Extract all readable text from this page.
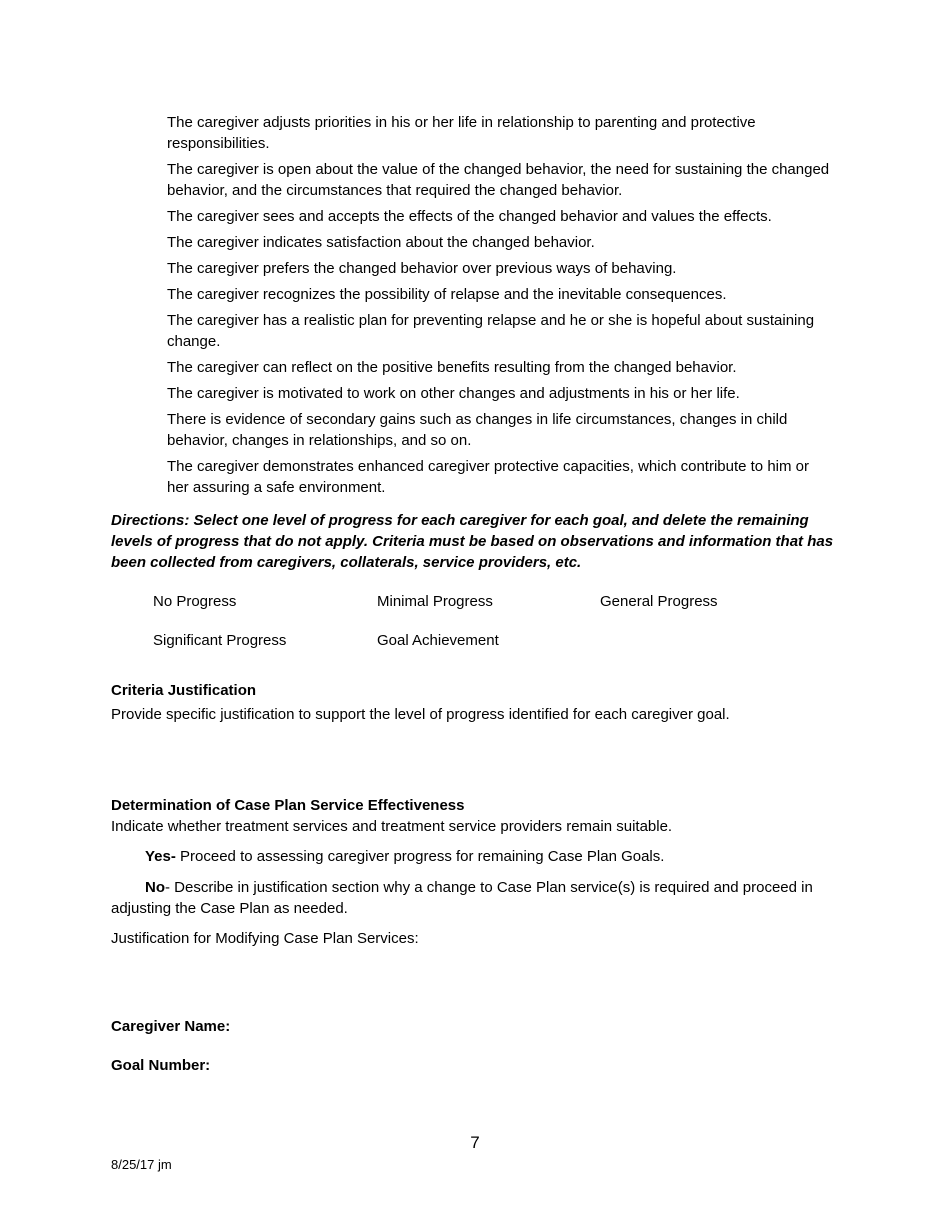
The caregiver adjusts priorities in his or her life in relationship to parenting and protective responsibilities.
The caregiver is open about the value of the changed behavior, the need for sustaining the changed behavior, and the circumstances that required the changed behavior.
The caregiver sees and accepts the effects of the changed behavior and values the effects.
The caregiver indicates satisfaction about the changed behavior.
The caregiver prefers the changed behavior over previous ways of behaving.
The caregiver recognizes the possibility of relapse and the inevitable consequences.
The caregiver has a realistic plan for preventing relapse and he or she is hopeful about sustaining change.
The caregiver can reflect on the positive benefits resulting from the changed behavior.
The caregiver is motivated to work on other changes and adjustments in his or her life.
There is evidence of secondary gains such as changes in life circumstances, changes in child behavior, changes in relationships, and so on.
The caregiver demonstrates enhanced caregiver protective capacities, which contribute to him or her assuring a safe environment.
Directions: Select one level of progress for each caregiver for each goal, and delete the remaining levels of progress that do not apply. Criteria must be based on observations and information that has been collected from caregivers, collaterals, service providers, etc.
No Progress	Minimal Progress	General Progress
Significant Progress	Goal Achievement
Criteria Justification
Provide specific justification to support the level of progress identified for each caregiver goal.
Determination of Case Plan Service Effectiveness
Indicate whether treatment services and treatment service providers remain suitable.
Yes- Proceed to assessing caregiver progress for remaining Case Plan Goals.
No- Describe in justification section why a change to Case Plan service(s) is required and proceed in adjusting the Case Plan as needed.
Justification for Modifying Case Plan Services:
Caregiver Name:
Goal Number:
7
8/25/17 jm
